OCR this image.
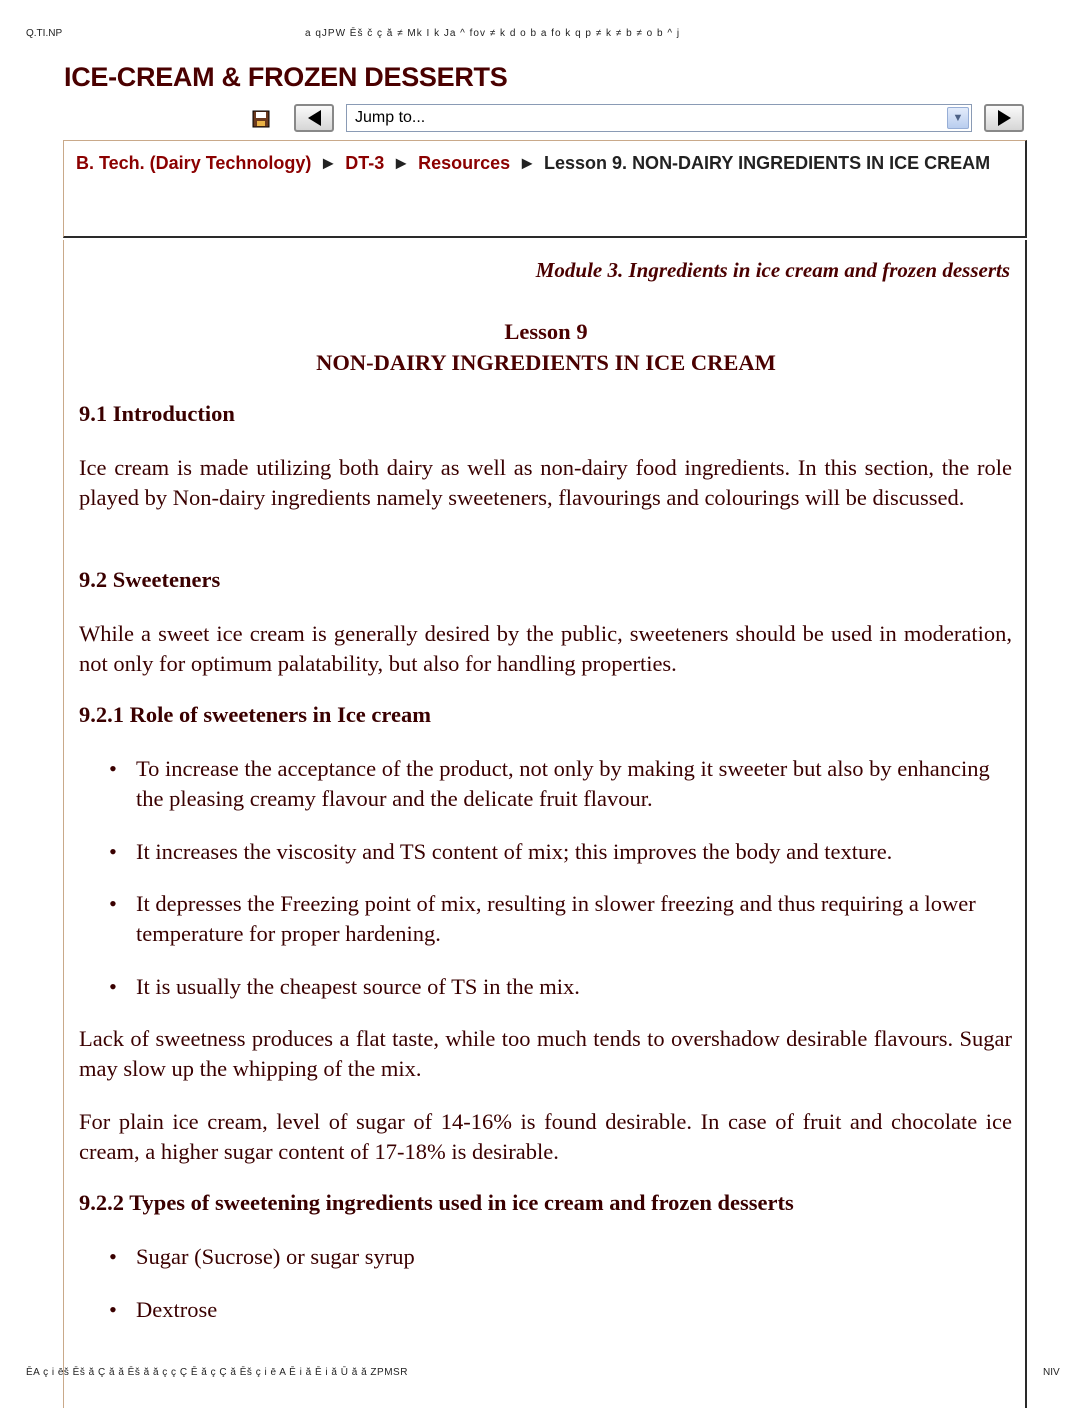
Q.TI.NP	a qJPW Ēš č ç ă ≠ Mk I k Ja ^ fov ≠ k d o b a fo k q p ≠ k ≠ b ≠ o b ^ j
ICE-CREAM & FROZEN DESSERTS
Jump to...	▼
B. Tech. (Dairy Technology) ► DT-3 ► Resources ► Lesson 9. NON-DAIRY INGREDIENTS IN ICE CREAM
Module 3. Ingredients in ice cream and frozen desserts
Lesson 9
NON-DAIRY INGREDIENTS IN ICE CREAM
9.1 Introduction
Ice cream is made utilizing both dairy as well as non-dairy food ingredients. In this section, the role played by Non-dairy ingredients namely sweeteners, flavourings and colourings will be discussed.
9.2 Sweeteners
While a sweet ice cream is generally desired by the public, sweeteners should be used in moderation, not only for optimum palatability, but also for handling properties.
9.2.1 Role of sweeteners in Ice cream
• To increase the acceptance of the product, not only by making it sweeter but also by enhancing the pleasing creamy flavour and the delicate fruit flavour.
• It increases the viscosity and TS content of mix; this improves the body and texture.
• It depresses the Freezing point of mix, resulting in slower freezing and thus requiring a lower temperature for proper hardening.
• It is usually the cheapest source of TS in the mix.
Lack of sweetness produces a flat taste, while too much tends to overshadow desirable flavours. Sugar may slow up the whipping of the mix.
For plain ice cream, level of sugar of 14-16% is found desirable. In case of fruit and chocolate ice cream, a higher sugar content of 17-18% is desirable.
9.2.2 Types of sweetening ingredients used in ice cream and frozen desserts
• Sugar (Sucrose) or sugar syrup
• Dextrose
ĒA ç i ēš Ēš ă Ç ă ă Ēš ă ă ç ç Ç Ē ă ç Ç ă Ēš ç i ē A Ē i ă Ē i ă Ū ă ă ZPMSR	NIV
